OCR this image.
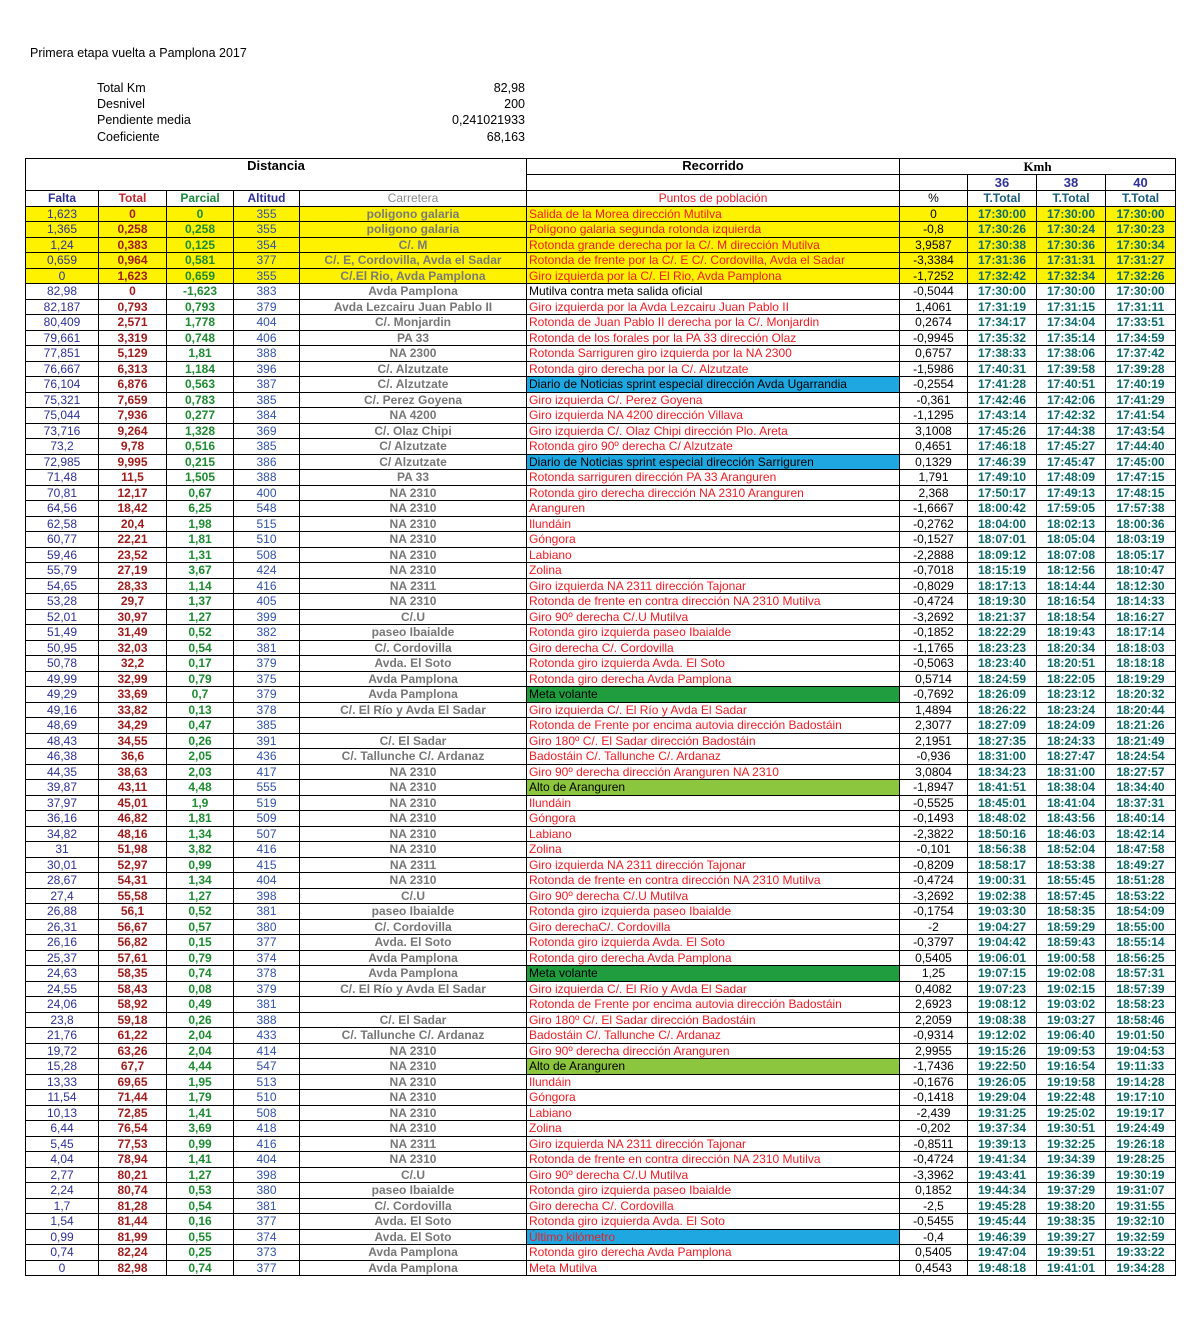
Primera etapa vuelta a Pamplona 2017
Total Km	82,98
Desnivel	200
Pendiente media	0,241021933
Coeficiente	68,163
Distancia					Recorrido	Kmh			
							36	38	40
Falta	Total	Parcial	Altitud	Carretera	Puntos de población	%	T.Total	T.Total	T.Total
1,623	0	0	355	poligono galaria	Salida de la Morea dirección Mutilva	0	17:30:00	17:30:00	17:30:00
1,365	0,258	0,258	355	poligono galaria	Polígono galaria segunda rotonda izquierda	-0,8	17:30:26	17:30:24	17:30:23
1,24	0,383	0,125	354	C/. M	Rotonda grande derecha por la C/. M dirección Mutilva	3,9587	17:30:38	17:30:36	17:30:34
0,659	0,964	0,581	377	C/. E, Cordovilla, Avda el Sadar	Rotonda de frente por la C/. E C/. Cordovilla, Avda el Sadar	-3,3384	17:31:36	17:31:31	17:31:27
0	1,623	0,659	355	C/.El Rio, Avda Pamplona	Giro izquierda por la C/. El Rio, Avda Pamplona	-1,7252	17:32:42	17:32:34	17:32:26
82,98	0	-1,623	383	Avda Pamplona	Mutilva contra meta salida oficial	-0,5044	17:30:00	17:30:00	17:30:00
82,187	0,793	0,793	379	Avda Lezcairu Juan Pablo II	Giro izquierda por la Avda Lezcairu Juan Pablo II	1,4061	17:31:19	17:31:15	17:31:11
80,409	2,571	1,778	404	C/. Monjardin	Rotonda de Juan Pablo II derecha por la C/. Monjardin	0,2674	17:34:17	17:34:04	17:33:51
79,661	3,319	0,748	406	PA 33	Rotonda de los forales por la PA 33 dirección Olaz	-0,9945	17:35:32	17:35:14	17:34:59
77,851	5,129	1,81	388	NA 2300	Rotonda Sarriguren giro izquierda por la NA 2300	0,6757	17:38:33	17:38:06	17:37:42
76,667	6,313	1,184	396	C/. Alzutzate	Rotonda giro derecha por la C/. Alzutzate	-1,5986	17:40:31	17:39:58	17:39:28
76,104	6,876	0,563	387	C/. Alzutzate	Diario de Noticias sprint especial dirección Avda Ugarrandia	-0,2554	17:41:28	17:40:51	17:40:19
75,321	7,659	0,783	385	C/. Perez Goyena	Giro izquierda C/. Perez Goyena	-0,361	17:42:46	17:42:06	17:41:29
75,044	7,936	0,277	384	NA 4200	Giro izquierda NA 4200 dirección Villava	-1,1295	17:43:14	17:42:32	17:41:54
73,716	9,264	1,328	369	C/. Olaz Chipi	Giro izquierda C/. Olaz Chipi dirección Plo. Areta	3,1008	17:45:26	17:44:38	17:43:54
73,2	9,78	0,516	385	C/ Alzutzate	Rotonda giro 90º derecha C/ Alzutzate	0,4651	17:46:18	17:45:27	17:44:40
72,985	9,995	0,215	386	C/ Alzutzate	Diario de Noticias sprint especial dirección Sarriguren	0,1329	17:46:39	17:45:47	17:45:00
71,48	11,5	1,505	388	PA 33	Rotonda sarriguren dirección PA 33 Aranguren	1,791	17:49:10	17:48:09	17:47:15
70,81	12,17	0,67	400	NA 2310	Rotonda giro derecha dirección NA 2310 Aranguren	2,368	17:50:17	17:49:13	17:48:15
64,56	18,42	6,25	548	NA 2310	Aranguren	-1,6667	18:00:42	17:59:05	17:57:38
62,58	20,4	1,98	515	NA 2310	Ilundáin	-0,2762	18:04:00	18:02:13	18:00:36
60,77	22,21	1,81	510	NA 2310	Góngora	-0,1527	18:07:01	18:05:04	18:03:19
59,46	23,52	1,31	508	NA 2310	Labiano	-2,2888	18:09:12	18:07:08	18:05:17
55,79	27,19	3,67	424	NA 2310	Zolina	-0,7018	18:15:19	18:12:56	18:10:47
54,65	28,33	1,14	416	NA 2311	Giro izquierda NA 2311 dirección Tajonar	-0,8029	18:17:13	18:14:44	18:12:30
53,28	29,7	1,37	405	NA 2310	Rotonda de frente en contra dirección NA 2310 Mutilva	-0,4724	18:19:30	18:16:54	18:14:33
52,01	30,97	1,27	399	C/.U	Giro 90º derecha C/.U Mutilva	-3,2692	18:21:37	18:18:54	18:16:27
51,49	31,49	0,52	382	paseo Ibaialde	Rotonda giro izquierda paseo Ibaialde	-0,1852	18:22:29	18:19:43	18:17:14
50,95	32,03	0,54	381	C/. Cordovilla	Giro derecha C/. Cordovilla	-1,1765	18:23:23	18:20:34	18:18:03
50,78	32,2	0,17	379	Avda. El Soto	Rotonda giro izquierda Avda. El Soto	-0,5063	18:23:40	18:20:51	18:18:18
49,99	32,99	0,79	375	Avda Pamplona	Rotonda giro derecha Avda Pamplona	0,5714	18:24:59	18:22:05	18:19:29
49,29	33,69	0,7	379	Avda Pamplona	Meta volante	-0,7692	18:26:09	18:23:12	18:20:32
49,16	33,82	0,13	378	C/. El Río y Avda El Sadar	Giro izquierda C/. El Río y Avda El Sadar	1,4894	18:26:22	18:23:24	18:20:44
48,69	34,29	0,47	385		Rotonda de Frente por encima autovia dirección Badostáin	2,3077	18:27:09	18:24:09	18:21:26
48,43	34,55	0,26	391	C/. El Sadar	Giro 180º C/. El Sadar dirección Badostáin	2,1951	18:27:35	18:24:33	18:21:49
46,38	36,6	2,05	436	C/. Tallunche C/. Ardanaz	Badostáin C/. Tallunche C/. Ardanaz	-0,936	18:31:00	18:27:47	18:24:54
44,35	38,63	2,03	417	NA 2310	Giro 90º derecha dirección Aranguren NA 2310	3,0804	18:34:23	18:31:00	18:27:57
39,87	43,11	4,48	555	NA 2310	Alto de Aranguren	-1,8947	18:41:51	18:38:04	18:34:40
37,97	45,01	1,9	519	NA 2310	Ilundáin	-0,5525	18:45:01	18:41:04	18:37:31
36,16	46,82	1,81	509	NA 2310	Góngora	-0,1493	18:48:02	18:43:56	18:40:14
34,82	48,16	1,34	507	NA 2310	Labiano	-2,3822	18:50:16	18:46:03	18:42:14
31	51,98	3,82	416	NA 2310	Zolina	-0,101	18:56:38	18:52:04	18:47:58
30,01	52,97	0,99	415	NA 2311	Giro izquierda NA 2311 dirección Tajonar	-0,8209	18:58:17	18:53:38	18:49:27
28,67	54,31	1,34	404	NA 2310	Rotonda de frente en contra dirección NA 2310 Mutilva	-0,4724	19:00:31	18:55:45	18:51:28
27,4	55,58	1,27	398	C/.U	Giro 90º derecha C/.U Mutilva	-3,2692	19:02:38	18:57:45	18:53:22
26,88	56,1	0,52	381	paseo Ibaialde	Rotonda giro izquierda paseo Ibaialde	-0,1754	19:03:30	18:58:35	18:54:09
26,31	56,67	0,57	380	C/. Cordovilla	Giro derechaC/. Cordovilla	-2	19:04:27	18:59:29	18:55:00
26,16	56,82	0,15	377	Avda. El Soto	Rotonda giro izquierda Avda. El Soto	-0,3797	19:04:42	18:59:43	18:55:14
25,37	57,61	0,79	374	Avda Pamplona	Rotonda giro derecha Avda Pamplona	0,5405	19:06:01	19:00:58	18:56:25
24,63	58,35	0,74	378	Avda Pamplona	Meta volante	1,25	19:07:15	19:02:08	18:57:31
24,55	58,43	0,08	379	C/. El Río y Avda El Sadar	Giro izquierda C/. El Río y Avda El Sadar	0,4082	19:07:23	19:02:15	18:57:39
24,06	58,92	0,49	381		Rotonda de Frente por encima autovia dirección Badostáin	2,6923	19:08:12	19:03:02	18:58:23
23,8	59,18	0,26	388	C/. El Sadar	Giro 180º C/. El Sadar dirección Badostáin	2,2059	19:08:38	19:03:27	18:58:46
21,76	61,22	2,04	433	C/. Tallunche C/. Ardanaz	Badostáin C/. Tallunche C/. Ardanaz	-0,9314	19:12:02	19:06:40	19:01:50
19,72	63,26	2,04	414	NA 2310	Giro 90º derecha dirección Aranguren	2,9955	19:15:26	19:09:53	19:04:53
15,28	67,7	4,44	547	NA 2310	Alto de Aranguren	-1,7436	19:22:50	19:16:54	19:11:33
13,33	69,65	1,95	513	NA 2310	Ilundáin	-0,1676	19:26:05	19:19:58	19:14:28
11,54	71,44	1,79	510	NA 2310	Góngora	-0,1418	19:29:04	19:22:48	19:17:10
10,13	72,85	1,41	508	NA 2310	Labiano	-2,439	19:31:25	19:25:02	19:19:17
6,44	76,54	3,69	418	NA 2310	Zolina	-0,202	19:37:34	19:30:51	19:24:49
5,45	77,53	0,99	416	NA 2311	Giro izquierda NA 2311 dirección Tajonar	-0,8511	19:39:13	19:32:25	19:26:18
4,04	78,94	1,41	404	NA 2310	Rotonda de frente en contra dirección NA 2310 Mutilva	-0,4724	19:41:34	19:34:39	19:28:25
2,77	80,21	1,27	398	C/.U	Giro 90º derecha C/.U Mutilva	-3,3962	19:43:41	19:36:39	19:30:19
2,24	80,74	0,53	380	paseo Ibaialde	Rotonda giro izquierda paseo Ibaialde	0,1852	19:44:34	19:37:29	19:31:07
1,7	81,28	0,54	381	C/. Cordovilla	Giro derecha C/. Cordovilla	-2,5	19:45:28	19:38:20	19:31:55
1,54	81,44	0,16	377	Avda. El Soto	Rotonda giro izquierda Avda. El Soto	-0,5455	19:45:44	19:38:35	19:32:10
0,99	81,99	0,55	374	Avda. El Soto	Último kilómetro	-0,4	19:46:39	19:39:27	19:32:59
0,74	82,24	0,25	373	Avda Pamplona	Rotonda giro derecha Avda Pamplona	0,5405	19:47:04	19:39:51	19:33:22
0	82,98	0,74	377	Avda Pamplona	Meta Mutilva	0,4543	19:48:18	19:41:01	19:34:28
